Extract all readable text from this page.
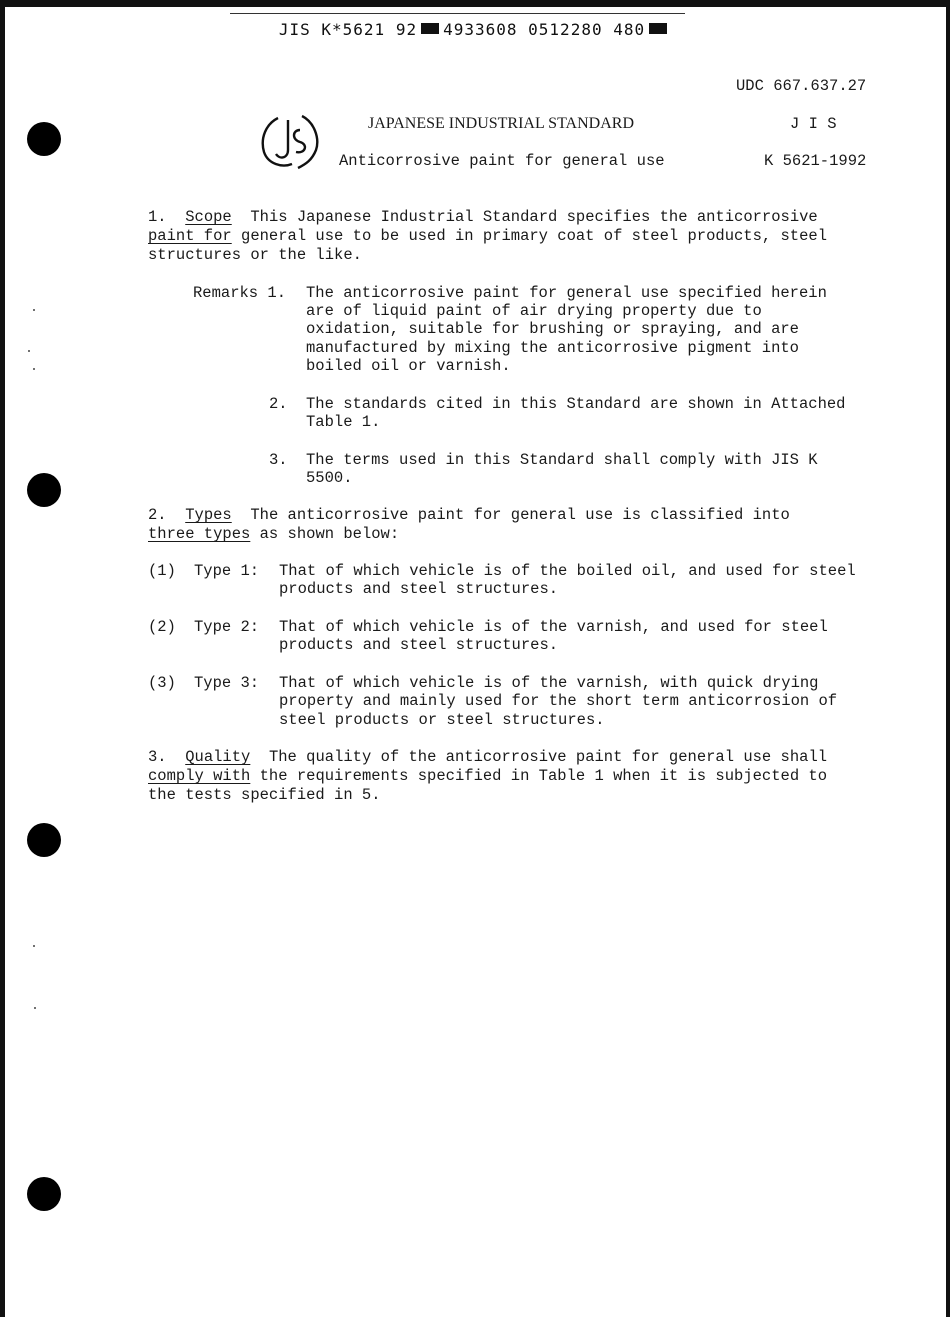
JIS K*5621 92 4933608 0512280 480
UDC 667.637.27
JAPANESE INDUSTRIAL STANDARD
Anticorrosive paint for general use
J I S
K 5621-1992
1. Scope This Japanese Industrial Standard specifies the anticorrosive
paint for general use to be used in primary coat of steel products, steel
structures or the like.
Remarks 1. The anticorrosive paint for general use specified herein
are of liquid paint of air drying property due to
oxidation, suitable for brushing or spraying, and are
manufactured by mixing the anticorrosive pigment into
boiled oil or varnish.
2. The standards cited in this Standard are shown in Attached
Table 1.
3. The terms used in this Standard shall comply with JIS K
5500.
2. Types The anticorrosive paint for general use is classified into
three types as shown below:
(1) Type 1: That of which vehicle is of the boiled oil, and used for steel
products and steel structures.
(2) Type 2: That of which vehicle is of the varnish, and used for steel
products and steel structures.
(3) Type 3: That of which vehicle is of the varnish, with quick drying
property and mainly used for the short term anticorrosion of
steel products or steel structures.
3. Quality The quality of the anticorrosive paint for general use shall
comply with the requirements specified in Table 1 when it is subjected to
the tests specified in 5.
